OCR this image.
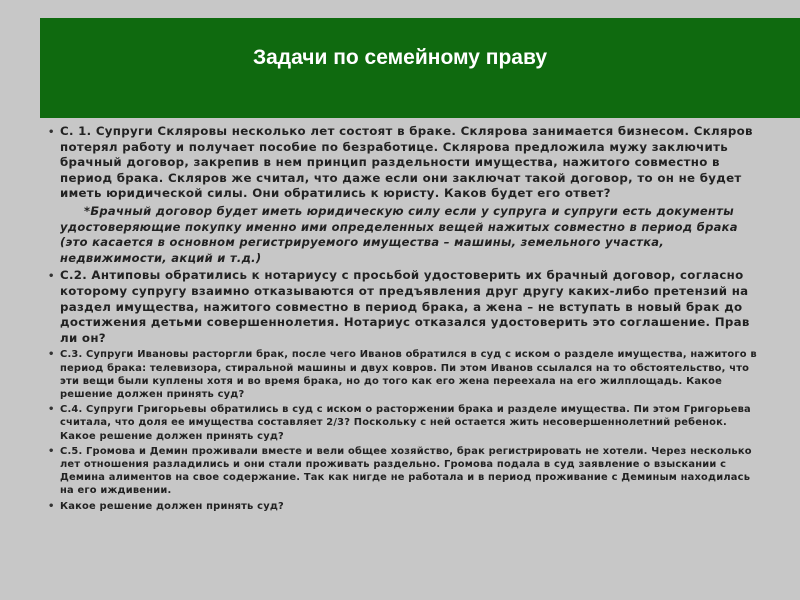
Задачи по семейному праву
• С. 1. Супруги Скляровы несколько лет состоят в браке. Склярова занимается бизнесом. Скляров потерял работу и получает пособие по безработице. Склярова предложила мужу заключить брачный договор, закрепив в нем принцип раздельности имущества, нажитого совместно в период брака. Скляров же считал, что даже если они заключат такой договор, то он не будет иметь юридической силы. Они обратились к юристу. Каков будет его ответ?
*Брачный договор будет иметь юридическую силу если у супруга и супруги есть документы удостоверяющие покупку именно ими определенных вещей нажитых совместно в период брака (это касается в основном регистрируемого имущества – машины, земельного участка, недвижимости, акций и т.д.)
• С.2. Антиповы обратились к нотариусу с просьбой удостоверить их брачный договор, согласно которому супругу взаимно отказываются от предъявления друг другу каких-либо претензий на раздел имущества, нажитого совместно в период брака, а жена – не вступать в новый брак до достижения детьми совершеннолетия. Нотариус отказался удостоверить это соглашение. Прав ли он?
• С.3. Супруги Ивановы расторгли брак, после чего Иванов обратился в суд с иском о разделе имущества, нажитого в период брака: телевизора, стиральной машины и двух ковров. Пи этом Иванов ссылался на то обстоятельство, что эти вещи были куплены хотя и во время брака, но до того как его жена переехала на его жилплощадь. Какое решение должен принять суд?
• С.4. Супруги Григорьевы обратились в суд с иском о расторжении брака и разделе имущества. Пи этом Григорьева считала, что доля ее имущества составляет 2/3? Поскольку с ней остается жить несовершеннолетний ребенок. Какое решение должен принять суд?
• С.5. Громова и Демин проживали вместе и вели общее хозяйство, брак регистрировать не хотели. Через несколько лет отношения разладились и они стали проживать раздельно. Громова подала в суд заявление о взыскании с Демина алиментов на свое содержание. Так как нигде не работала и в период проживание с Деминым находилась на его иждивении.
• Какое решение должен принять суд?
